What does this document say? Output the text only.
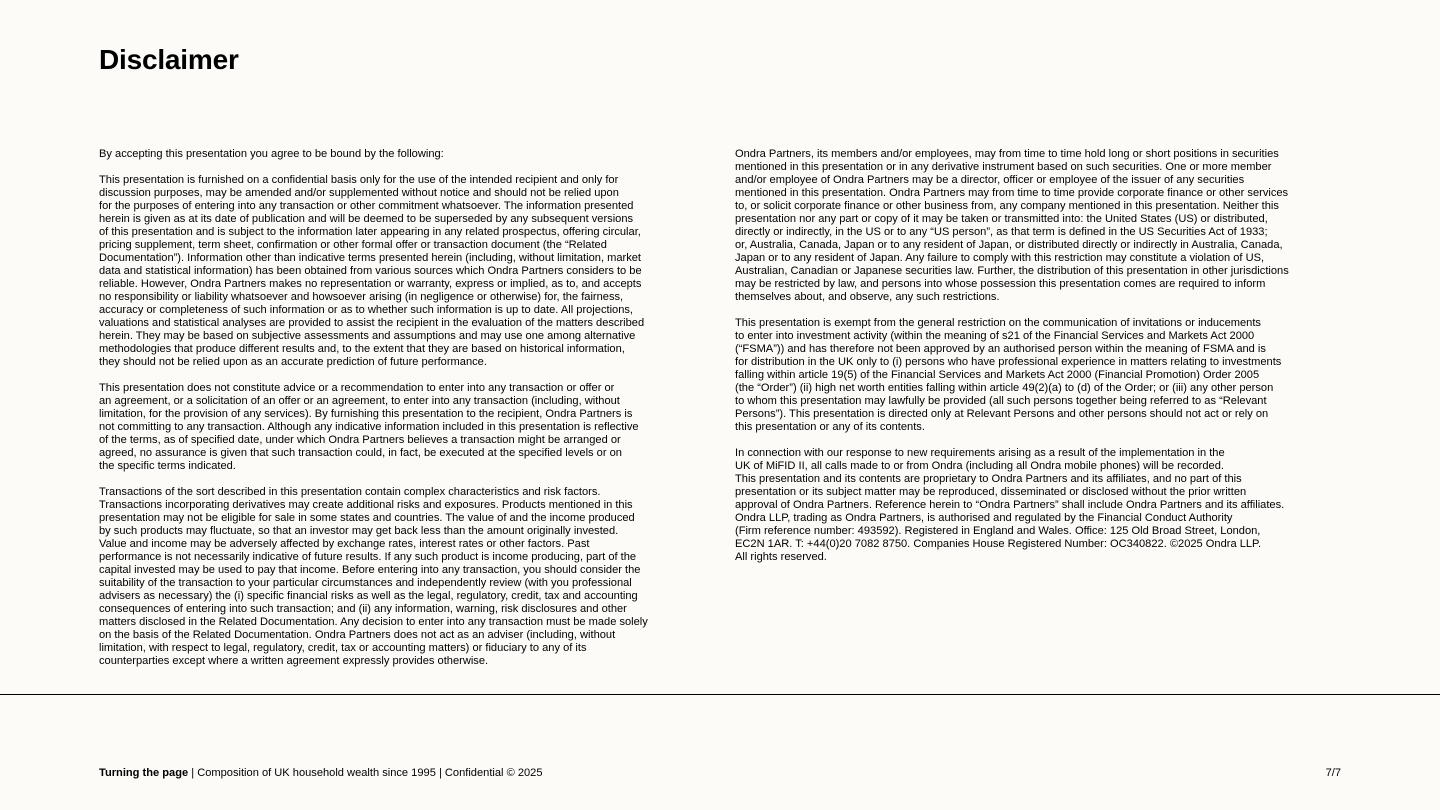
Disclaimer
By accepting this presentation you agree to be bound by the following:
This presentation is furnished on a confidential basis only for the use of the intended recipient and only for
discussion purposes, may be amended and/or supplemented without notice and should not be relied upon
for the purposes of entering into any transaction or other commitment whatsoever. The information presented
herein is given as at its date of publication and will be deemed to be superseded by any subsequent versions
of this presentation and is subject to the information later appearing in any related prospectus, offering circular,
pricing supplement, term sheet, confirmation or other formal offer or transaction document (the “Related
Documentation”). Information other than indicative terms presented herein (including, without limitation, market
data and statistical information) has been obtained from various sources which Ondra Partners considers to be
reliable. However, Ondra Partners makes no representation or warranty, express or implied, as to, and accepts
no responsibility or liability whatsoever and howsoever arising (in negligence or otherwise) for, the fairness,
accuracy or completeness of such information or as to whether such information is up to date. All projections,
valuations and statistical analyses are provided to assist the recipient in the evaluation of the matters described
herein. They may be based on subjective assessments and assumptions and may use one among alternative
methodologies that produce different results and, to the extent that they are based on historical information,
they should not be relied upon as an accurate prediction of future performance.
This presentation does not constitute advice or a recommendation to enter into any transaction or offer or
an agreement, or a solicitation of an offer or an agreement, to enter into any transaction (including, without
limitation, for the provision of any services). By furnishing this presentation to the recipient, Ondra Partners is
not committing to any transaction. Although any indicative information included in this presentation is reflective
of the terms, as of specified date, under which Ondra Partners believes a transaction might be arranged or
agreed, no assurance is given that such transaction could, in fact, be executed at the specified levels or on
the specific terms indicated.
Transactions of the sort described in this presentation contain complex characteristics and risk factors.
Transactions incorporating derivatives may create additional risks and exposures. Products mentioned in this
presentation may not be eligible for sale in some states and countries. The value of and the income produced
by such products may fluctuate, so that an investor may get back less than the amount originally invested.
Value and income may be adversely affected by exchange rates, interest rates or other factors. Past
performance is not necessarily indicative of future results. If any such product is income producing, part of the
capital invested may be used to pay that income. Before entering into any transaction, you should consider the
suitability of the transaction to your particular circumstances and independently review (with you professional
advisers as necessary) the (i) specific financial risks as well as the legal, regulatory, credit, tax and accounting
consequences of entering into such transaction; and (ii) any information, warning, risk disclosures and other
matters disclosed in the Related Documentation. Any decision to enter into any transaction must be made solely
on the basis of the Related Documentation. Ondra Partners does not act as an adviser (including, without
limitation, with respect to legal, regulatory, credit, tax or accounting matters) or fiduciary to any of its
counterparties except where a written agreement expressly provides otherwise.
Ondra Partners, its members and/or employees, may from time to time hold long or short positions in securities
mentioned in this presentation or in any derivative instrument based on such securities. One or more member
and/or employee of Ondra Partners may be a director, officer or employee of the issuer of any securities
mentioned in this presentation. Ondra Partners may from time to time provide corporate finance or other services
to, or solicit corporate finance or other business from, any company mentioned in this presentation. Neither this
presentation nor any part or copy of it may be taken or transmitted into: the United States (US) or distributed,
directly or indirectly, in the US or to any “US person”, as that term is defined in the US Securities Act of 1933;
or, Australia, Canada, Japan or to any resident of Japan, or distributed directly or indirectly in Australia, Canada,
Japan or to any resident of Japan. Any failure to comply with this restriction may constitute a violation of US,
Australian, Canadian or Japanese securities law. Further, the distribution of this presentation in other jurisdictions
may be restricted by law, and persons into whose possession this presentation comes are required to inform
themselves about, and observe, any such restrictions.
This presentation is exempt from the general restriction on the communication of invitations or inducements
to enter into investment activity (within the meaning of s21 of the Financial Services and Markets Act 2000
(“FSMA”)) and has therefore not been approved by an authorised person within the meaning of FSMA and is
for distribution in the UK only to (i) persons who have professional experience in matters relating to investments
falling within article 19(5) of the Financial Services and Markets Act 2000 (Financial Promotion) Order 2005
(the “Order”) (ii) high net worth entities falling within article 49(2)(a) to (d) of the Order; or (iii) any other person
to whom this presentation may lawfully be provided (all such persons together being referred to as “Relevant
Persons”). This presentation is directed only at Relevant Persons and other persons should not act or rely on
this presentation or any of its contents.
In connection with our response to new requirements arising as a result of the implementation in the
UK of MiFID II, all calls made to or from Ondra (including all Ondra mobile phones) will be recorded.
This presentation and its contents are proprietary to Ondra Partners and its affiliates, and no part of this
presentation or its subject matter may be reproduced, disseminated or disclosed without the prior written
approval of Ondra Partners. Reference herein to “Ondra Partners” shall include Ondra Partners and its affiliates.
Ondra LLP, trading as Ondra Partners, is authorised and regulated by the Financial Conduct Authority
(Firm reference number: 493592). Registered in England and Wales. Office: 125 Old Broad Street, London,
EC2N 1AR. T: +44(0)20 7082 8750. Companies House Registered Number: OC340822. ©2025 Ondra LLP.
All rights reserved.
Turning the page | Composition of UK household wealth since 1995 | Confidential © 2025	7/7
